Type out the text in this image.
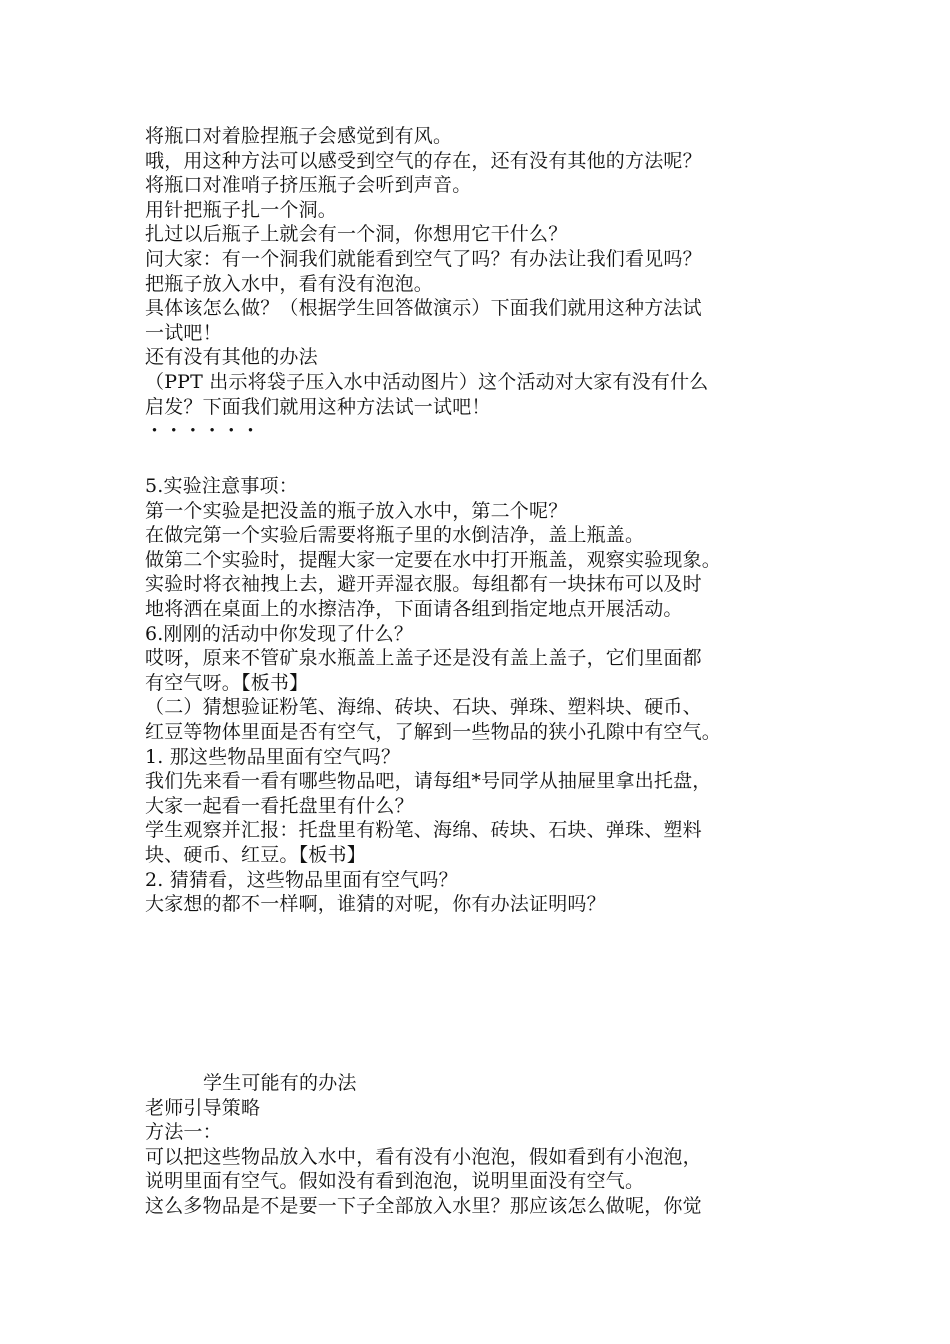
将瓶口对着脸捏瓶子会感觉到有风。
哦，用这种方法可以感受到空气的存在，还有没有其他的方法呢？
将瓶口对准哨子挤压瓶子会听到声音。
用针把瓶子扎一个洞。
扎过以后瓶子上就会有一个洞，你想用它干什么？
问大家：有一个洞我们就能看到空气了吗？有办法让我们看见吗？
把瓶子放入水中，看有没有泡泡。
具体该怎么做？（根据学生回答做演示）下面我们就用这种方法试
一试吧！
还有没有其他的办法
（PPT 出示将袋子压入水中活动图片）这个活动对大家有没有什么
启发？下面我们就用这种方法试一试吧！
・・・・・・
5.实验注意事项：
第一个实验是把没盖的瓶子放入水中，第二个呢？
在做完第一个实验后需要将瓶子里的水倒洁净，盖上瓶盖。
做第二个实验时，提醒大家一定要在水中打开瓶盖，观察实验现象。
实验时将衣袖拽上去，避开弄湿衣服。每组都有一块抹布可以及时
地将洒在桌面上的水擦洁净，下面请各组到指定地点开展活动。
6.刚刚的活动中你发现了什么？
哎呀，原来不管矿泉水瓶盖上盖子还是没有盖上盖子，它们里面都
有空气呀。【板书】
（二）猜想验证粉笔、海绵、砖块、石块、弹珠、塑料块、硬币、
红豆等物体里面是否有空气，了解到一些物品的狭小孔隙中有空气。
1. 那这些物品里面有空气吗？
我们先来看一看有哪些物品吧，请每组*号同学从抽屉里拿出托盘，
大家一起看一看托盘里有什么？
学生观察并汇报：托盘里有粉笔、海绵、砖块、石块、弹珠、塑料
块、硬币、红豆。【板书】
2. 猜猜看，这些物品里面有空气吗？
大家想的都不一样啊，谁猜的对呢，你有办法证明吗？
学生可能有的办法
老师引导策略
方法一：
可以把这些物品放入水中，看有没有小泡泡，假如看到有小泡泡，
说明里面有空气。假如没有看到泡泡，说明里面没有空气。
这么多物品是不是要一下子全部放入水里？那应该怎么做呢，你觉
